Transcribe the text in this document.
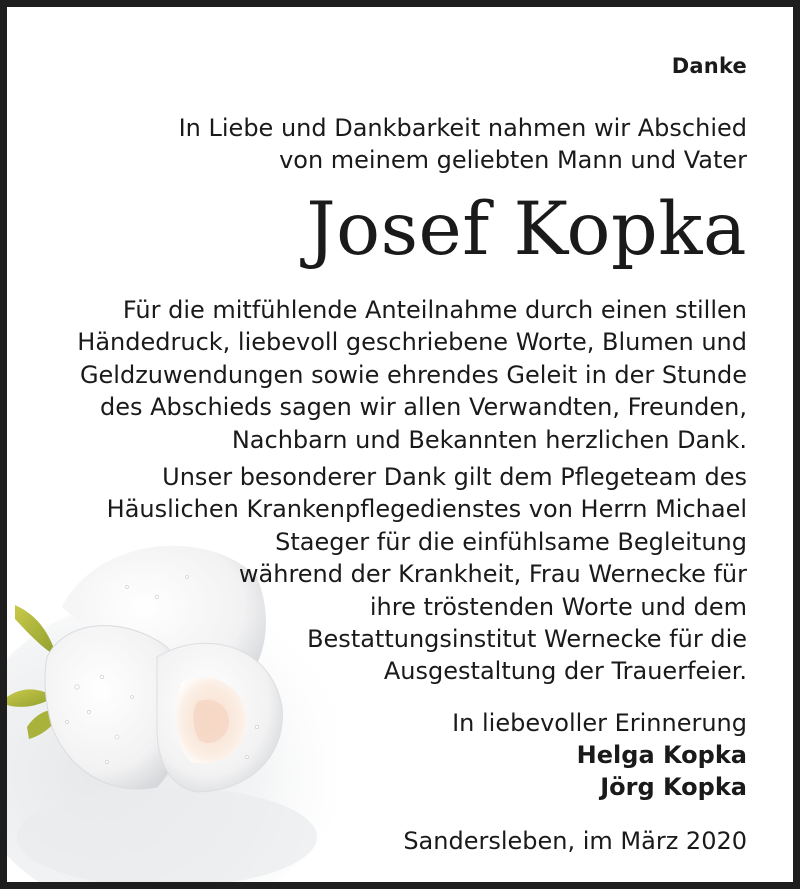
Danke
In Liebe und Dankbarkeit nahmen wir Abschied
von meinem geliebten Mann und Vater
Josef Kopka
Für die mitfühlende Anteilnahme durch einen stillen
Händedruck, liebevoll geschriebene Worte, Blumen und
Geldzuwendungen sowie ehrendes Geleit in der Stunde
des Abschieds sagen wir allen Verwandten, Freunden,
Nachbarn und Bekannten herzlichen Dank.
Unser besonderer Dank gilt dem Pflegeteam des
Häuslichen Krankenpflegedienstes von Herrn Michael
Staeger für die einfühlsame Begleitung
während der Krankheit, Frau Wernecke für
ihre tröstenden Worte und dem
Bestattungsinstitut Wernecke für die
Ausgestaltung der Trauerfeier.
In liebevoller Erinnerung
Helga Kopka
Jörg Kopka
Sandersleben, im März 2020
